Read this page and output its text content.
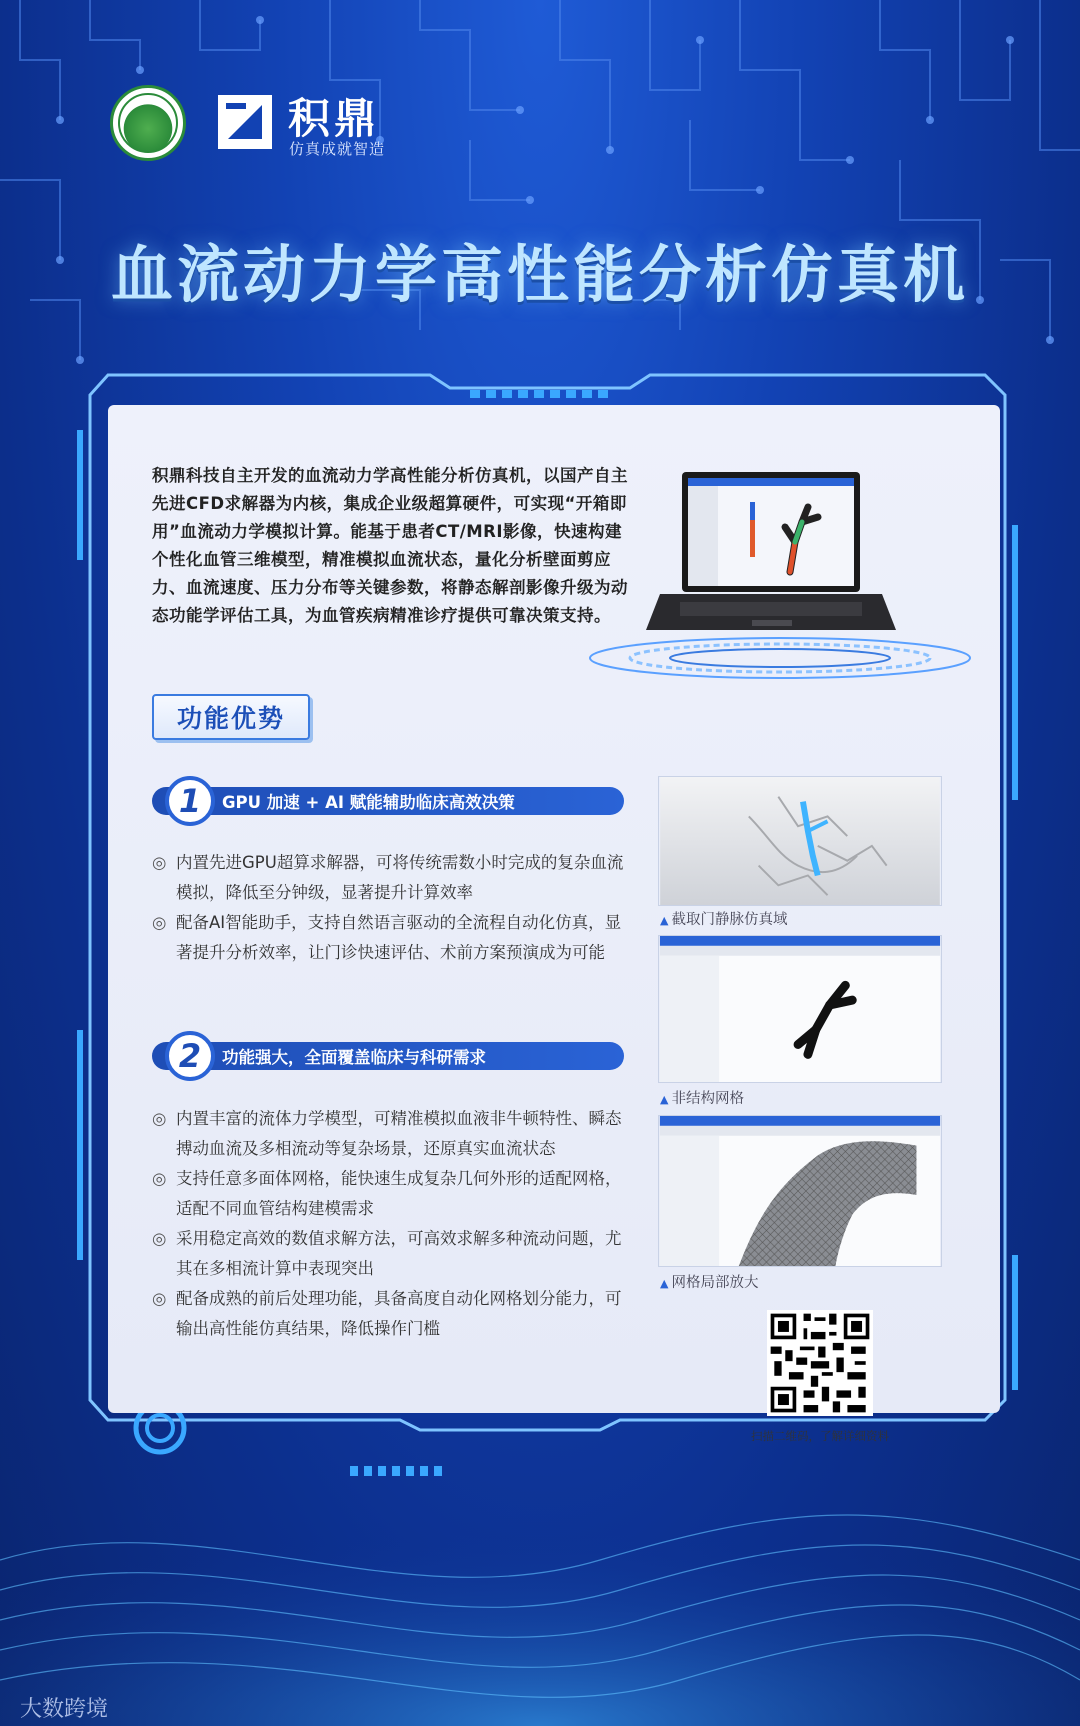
积鼎
仿真成就智造
血流动力学高性能分析仿真机
积鼎科技自主开发的血流动力学高性能分析仿真机，以国产自主先进CFD求解器为内核，集成企业级超算硬件，可实现“开箱即用”血流动力学模拟计算。能基于患者CT/MRI影像，快速构建个性化血管三维模型，精准模拟血流状态，量化分析壁面剪应力、血流速度、压力分布等关键参数，将静态解剖影像升级为动态功能学评估工具，为血管疾病精准诊疗提供可靠决策支持。
功能优势
GPU 加速 + AI 赋能辅助临床高效决策
1
◎ 内置先进GPU超算求解器，可将传统需数小时完成的复杂血流模拟，降低至分钟级，显著提升计算效率
◎ 配备AI智能助手，支持自然语言驱动的全流程自动化仿真，显著提升分析效率，让门诊快速评估、术前方案预演成为可能
功能强大，全面覆盖临床与科研需求
2
◎ 内置丰富的流体力学模型，可精准模拟血液非牛顿特性、瞬态搏动血流及多相流动等复杂场景，还原真实血流状态
◎ 支持任意多面体网格，能快速生成复杂几何外形的适配网格，适配不同血管结构建模需求
◎ 采用稳定高效的数值求解方法，可高效求解多种流动问题，尤其在多相流计算中表现突出
◎ 配备成熟的前后处理功能，具备高度自动化网格划分能力，可输出高性能仿真结果，降低操作门槛
▲ 截取门静脉仿真域
▲ 非结构网格
▲ 网格局部放大
扫描二维码，了解详细资料
大数跨境
